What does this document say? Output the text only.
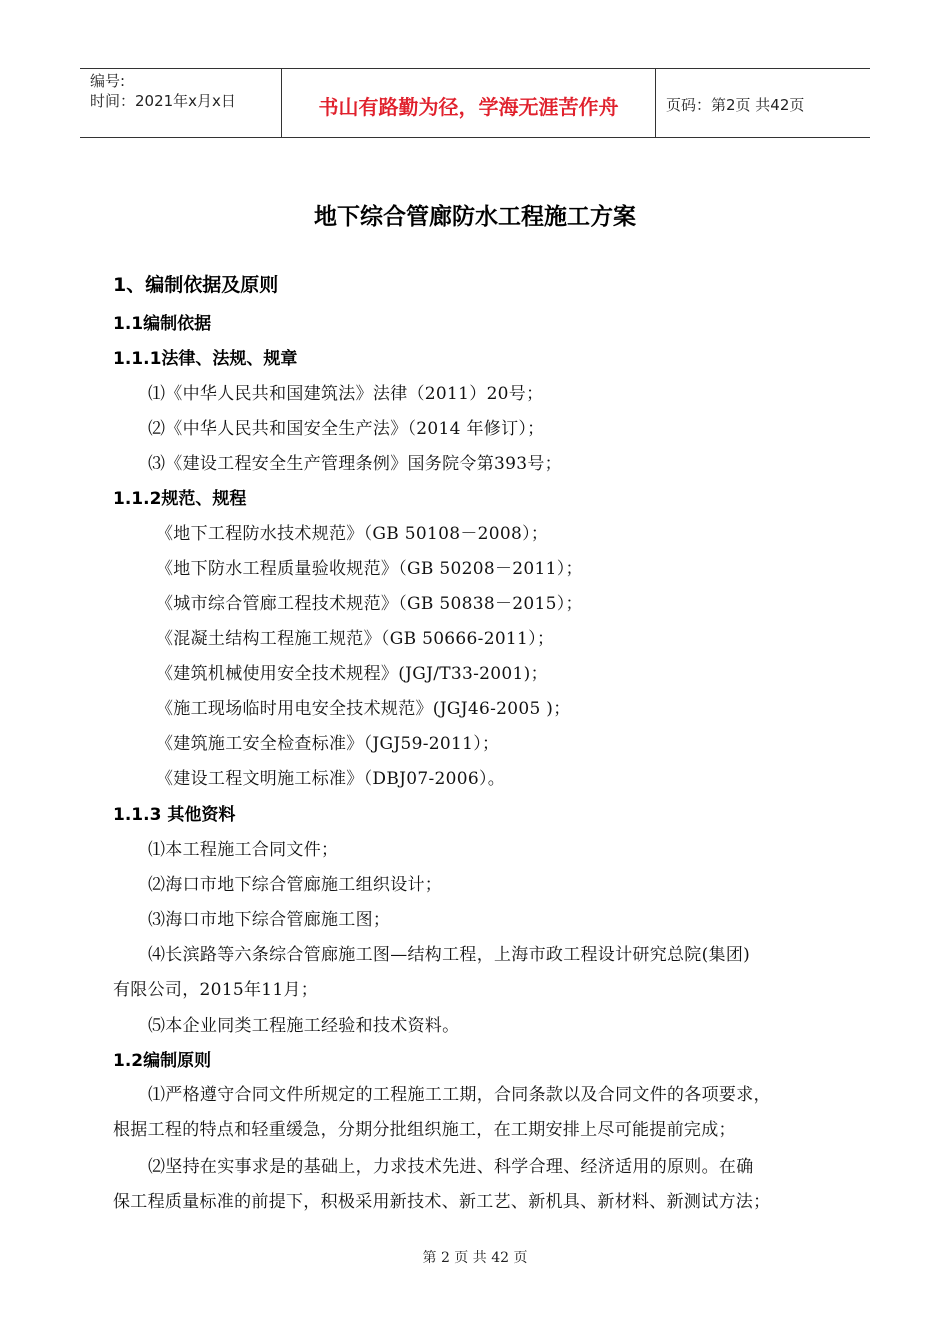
编号:
时间：2021年x月x日	书山有路勤为径，学海无涯苦作舟	页码：第2页 共42页
地下综合管廊防水工程施工方案
1、编制依据及原则
1.1编制依据
1.1.1法律、法规、规章
⑴《中华人民共和国建筑法》法律（2011）20号；
⑵《中华人民共和国安全生产法》（2014 年修订）；
⑶《建设工程安全生产管理条例》国务院令第393号；
1.1.2规范、规程
《地下工程防水技术规范》（GB 50108－2008）；
《地下防水工程质量验收规范》（GB 50208－2011）；
《城市综合管廊工程技术规范》（GB 50838－2015）；
《混凝土结构工程施工规范》（GB 50666-2011）；
《建筑机械使用安全技术规程》(JGJ/T33-2001)；
《施工现场临时用电安全技术规范》(JGJ46-2005 )；
《建筑施工安全检查标准》（JGJ59-2011）；
《建设工程文明施工标准》（DBJ07-2006）。
1.1.3 其他资料
⑴本工程施工合同文件；
⑵海口市地下综合管廊施工组织设计；
⑶海口市地下综合管廊施工图；
⑷长滨路等六条综合管廊施工图—结构工程，上海市政工程设计研究总院(集团)
有限公司，2015年11月；
⑸本企业同类工程施工经验和技术资料。
1.2编制原则
⑴严格遵守合同文件所规定的工程施工工期，合同条款以及合同文件的各项要求，
根据工程的特点和轻重缓急，分期分批组织施工，在工期安排上尽可能提前完成；
⑵坚持在实事求是的基础上，力求技术先进、科学合理、经济适用的原则。在确
保工程质量标准的前提下，积极采用新技术、新工艺、新机具、新材料、新测试方法；
第 2 页 共 42 页
